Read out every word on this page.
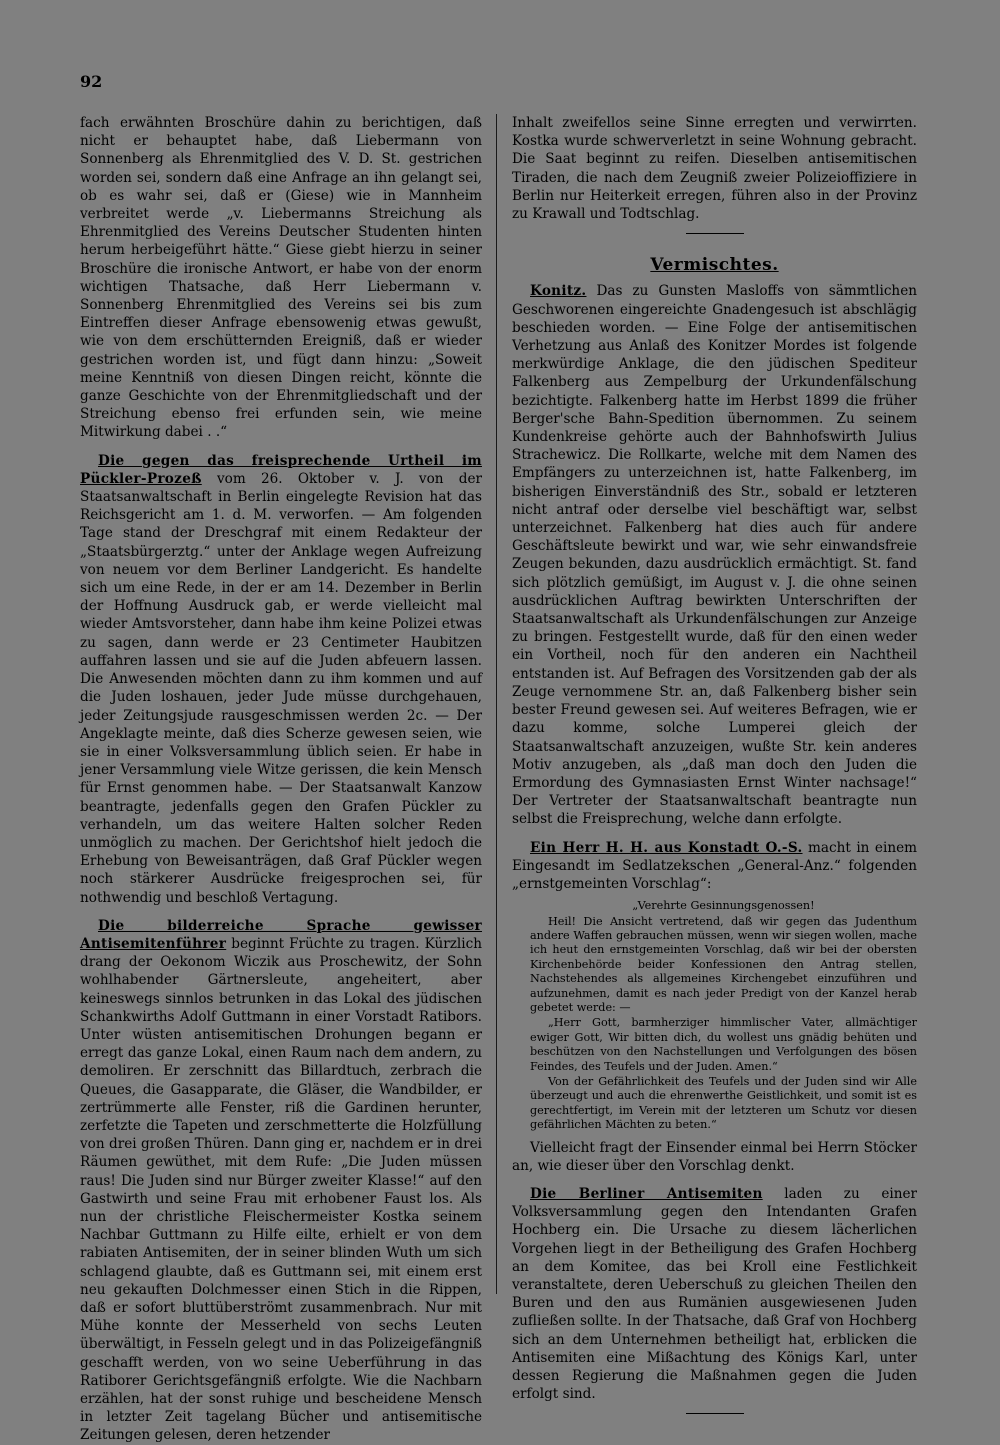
92

fach erwähnten Broschüre dahin zu berichtigen, daß nicht er behauptet habe, daß Liebermann von Sonnenberg als Ehrenmitglied des V. D. St. gestrichen worden sei, sondern daß eine Anfrage an ihn gelangt sei, ob es wahr sei, daß er (Giese) wie in Mannheim verbreitet werde „v. Liebermanns Streichung als Ehrenmitglied des Vereins Deutscher Studenten hinten herum herbeigeführt hätte.“ Giese giebt hierzu in seiner Broschüre die ironische Antwort, er habe von der enorm wichtigen Thatsache, daß Herr Liebermann v. Sonnenberg Ehrenmitglied des Vereins sei bis zum Eintreffen dieser Anfrage ebensowenig etwas gewußt, wie von dem erschütternden Ereigniß, daß er wieder gestrichen worden ist, und fügt dann hinzu: „Soweit meine Kenntniß von diesen Dingen reicht, könnte die ganze Geschichte von der Ehrenmitgliedschaft und der Streichung ebenso frei erfunden sein, wie meine Mitwirkung dabei . .“

Die gegen das freisprechende Urtheil im Pückler-Prozeß vom 26. Oktober v. J. von der Staatsanwaltschaft in Berlin eingelegte Revision hat das Reichsgericht am 1. d. M. verworfen. — Am folgenden Tage stand der Dreschgraf mit einem Redakteur der „Staatsbürgerztg.“ unter der Anklage wegen Aufreizung von neuem vor dem Berliner Landgericht. Es handelte sich um eine Rede, in der er am 14. Dezember in Berlin der Hoffnung Ausdruck gab, er werde vielleicht mal wieder Amtsvorsteher, dann habe ihm keine Polizei etwas zu sagen, dann werde er 23 Centimeter Haubitzen auffahren lassen und sie auf die Juden abfeuern lassen. Die Anwesenden möchten dann zu ihm kommen und auf die Juden loshauen, jeder Jude müsse durchgehauen, jeder Zeitungsjude rausgeschmissen werden 2c. — Der Angeklagte meinte, daß dies Scherze gewesen seien, wie sie in einer Volksversammlung üblich seien. Er habe in jener Versammlung viele Witze gerissen, die kein Mensch für Ernst genommen habe. — Der Staatsanwalt Kanzow beantragte, jedenfalls gegen den Grafen Pückler zu verhandeln, um das weitere Halten solcher Reden unmöglich zu machen. Der Gerichtshof hielt jedoch die Erhebung von Beweisanträgen, daß Graf Pückler wegen noch stärkerer Ausdrücke freigesprochen sei, für nothwendig und beschloß Vertagung.

Die bilderreiche Sprache gewisser Antisemitenführer beginnt Früchte zu tragen. Kürzlich drang der Oekonom Wiczik aus Proschewitz, der Sohn wohlhabender Gärtnersleute, angeheitert, aber keineswegs sinnlos betrunken in das Lokal des jüdischen Schankwirths Adolf Guttmann in einer Vorstadt Ratibors. Unter wüsten antisemitischen Drohungen begann er erregt das ganze Lokal, einen Raum nach dem andern, zu demoliren. Er zerschnitt das Billardtuch, zerbrach die Queues, die Gasapparate, die Gläser, die Wandbilder, er zertrümmerte alle Fenster, riß die Gardinen herunter, zerfetzte die Tapeten und zerschmetterte die Holzfüllung von drei großen Thüren. Dann ging er, nachdem er in drei Räumen gewüthet, mit dem Rufe: „Die Juden müssen raus! Die Juden sind nur Bürger zweiter Klasse!“ auf den Gastwirth und seine Frau mit erhobener Faust los. Als nun der christliche Fleischermeister Kostka seinem Nachbar Guttmann zu Hilfe eilte, erhielt er von dem rabiaten Antisemiten, der in seiner blinden Wuth um sich schlagend glaubte, daß es Guttmann sei, mit einem erst neu gekauften Dolchmesser einen Stich in die Rippen, daß er sofort bluttüberströmt zusammenbrach. Nur mit Mühe konnte der Messerheld von sechs Leuten überwältigt, in Fesseln gelegt und in das Polizeigefängniß geschafft werden, von wo seine Ueberführung in das Ratiborer Gerichtsgefängniß erfolgte. Wie die Nachbarn erzählen, hat der sonst ruhige und bescheidene Mensch in letzter Zeit tagelang Bücher und antisemitische Zeitungen gelesen, deren hetzender

Inhalt zweifellos seine Sinne erregten und verwirrten. Kostka wurde schwerverletzt in seine Wohnung gebracht. Die Saat beginnt zu reifen. Dieselben antisemitischen Tiraden, die nach dem Zeugniß zweier Polizeioffiziere in Berlin nur Heiterkeit erregen, führen also in der Provinz zu Krawall und Todtschlag.

Vermischtes.

Konitz. Das zu Gunsten Masloffs von sämmtlichen Geschworenen eingereichte Gnadengesuch ist abschlägig beschieden worden. — Eine Folge der antisemitischen Verhetzung aus Anlaß des Konitzer Mordes ist folgende merkwürdige Anklage, die den jüdischen Spediteur Falkenberg aus Zempelburg der Urkundenfälschung bezichtigte. Falkenberg hatte im Herbst 1899 die früher Berger'sche Bahn-Spedition übernommen. Zu seinem Kundenkreise gehörte auch der Bahnhofswirth Julius Strachewicz. Die Rollkarte, welche mit dem Namen des Empfängers zu unterzeichnen ist, hatte Falkenberg, im bisherigen Einverständniß des Str., sobald er letzteren nicht antraf oder derselbe viel beschäftigt war, selbst unterzeichnet. Falkenberg hat dies auch für andere Geschäftsleute bewirkt und war, wie sehr einwandsfreie Zeugen bekunden, dazu ausdrücklich ermächtigt. St. fand sich plötzlich gemüßigt, im August v. J. die ohne seinen ausdrücklichen Auftrag bewirkten Unterschriften der Staatsanwaltschaft als Urkundenfälschungen zur Anzeige zu bringen. Festgestellt wurde, daß für den einen weder ein Vortheil, noch für den anderen ein Nachtheil entstanden ist. Auf Befragen des Vorsitzenden gab der als Zeuge vernommene Str. an, daß Falkenberg bisher sein bester Freund gewesen sei. Auf weiteres Befragen, wie er dazu komme, solche Lumperei gleich der Staatsanwaltschaft anzuzeigen, wußte Str. kein anderes Motiv anzugeben, als „daß man doch den Juden die Ermordung des Gymnasiasten Ernst Winter nachsage!“ Der Vertreter der Staatsanwaltschaft beantragte nun selbst die Freisprechung, welche dann erfolgte.

Ein Herr H. H. aus Konstadt O.-S. macht in einem Eingesandt im Sedlatzekschen „General-Anz.“ folgenden „ernstgemeinten Vorschlag“:

„Verehrte Gesinnungsgenossen!

Heil! Die Ansicht vertretend, daß wir gegen das Judenthum andere Waffen gebrauchen müssen, wenn wir siegen wollen, mache ich heut den ernstgemeinten Vorschlag, daß wir bei der obersten Kirchenbehörde beider Konfessionen den Antrag stellen, Nachstehendes als allgemeines Kirchengebet einzuführen und aufzunehmen, damit es nach jeder Predigt von der Kanzel herab gebetet werde: —

„Herr Gott, barmherziger himmlischer Vater, allmächtiger ewiger Gott, Wir bitten dich, du wollest uns gnädig behüten und beschützen von den Nachstellungen und Verfolgungen des bösen Feindes, des Teufels und der Juden. Amen.“

Von der Gefährlichkeit des Teufels und der Juden sind wir Alle überzeugt und auch die ehrenwerthe Geistlichkeit, und somit ist es gerechtfertigt, im Verein mit der letzteren um Schutz vor diesen gefährlichen Mächten zu beten.“

Vielleicht fragt der Einsender einmal bei Herrn Stöcker an, wie dieser über den Vorschlag denkt.

Die Berliner Antisemiten laden zu einer Volksversammlung gegen den Intendanten Grafen Hochberg ein. Die Ursache zu diesem lächerlichen Vorgehen liegt in der Betheiligung des Grafen Hochberg an dem Komitee, das bei Kroll eine Festlichkeit veranstaltete, deren Ueberschuß zu gleichen Theilen den Buren und den aus Rumänien ausgewiesenen Juden zufließen sollte. In der Thatsache, daß Graf von Hochberg sich an dem Unternehmen betheiligt hat, erblicken die Antisemiten eine Mißachtung des Königs Karl, unter dessen Regierung die Maßnahmen gegen die Juden erfolgt sind.
